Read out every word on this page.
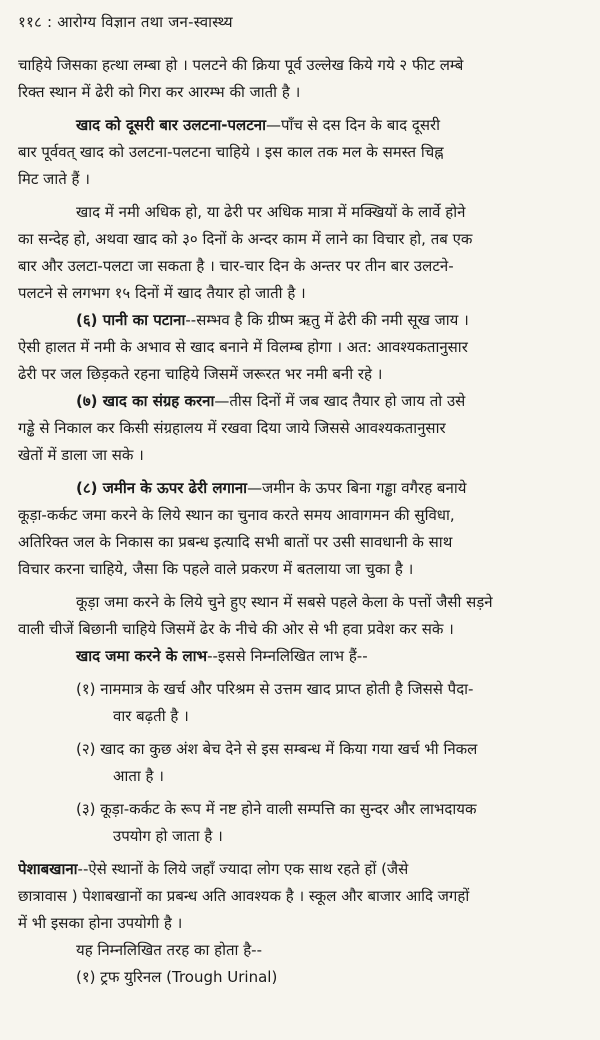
११८ : आरोग्य विज्ञान तथा जन-स्वास्थ्य
चाहिये जिसका हत्था लम्बा हो । पलटने की क्रिया पूर्व उल्लेख किये गये २ फीट लम्बे
रिक्त स्थान में ढेरी को गिरा कर आरम्भ की जाती है ।
खाद को दूसरी बार उलटना-पलटना—पाँच से दस दिन के बाद दूसरी
बार पूर्ववत् खाद को उलटना-पलटना चाहिये । इस काल तक मल के समस्त चिह्न
मिट जाते हैं ।
खाद में नमी अधिक हो, या ढेरी पर अधिक मात्रा में मक्खियों के लार्वे होने
का सन्देह हो, अथवा खाद को ३० दिनों के अन्दर काम में लाने का विचार हो, तब एक
बार और उलटा-पलटा जा सकता है । चार-चार दिन के अन्तर पर तीन बार उलटने-
पलटने से लगभग १५ दिनों में खाद तैयार हो जाती है ।
(६) पानी का पटाना--सम्भव है कि ग्रीष्म ऋतु में ढेरी की नमी सूख जाय ।
ऐसी हालत में नमी के अभाव से खाद बनाने में विलम्ब होगा । अत: आवश्यकतानुसार
ढेरी पर जल छिड़कते रहना चाहिये जिसमें जरूरत भर नमी बनी रहे ।
(७) खाद का संग्रह करना—तीस दिनों में जब खाद तैयार हो जाय तो उसे
गड्ढे से निकाल कर किसी संग्रहालय में रखवा दिया जाये जिससे आवश्यकतानुसार
खेतों में डाला जा सके ।
(८) जमीन के ऊपर ढेरी लगाना—जमीन के ऊपर बिना गड्ढा वगैरह बनाये
कूड़ा-कर्कट जमा करने के लिये स्थान का चुनाव करते समय आवागमन की सुविधा,
अतिरिक्त जल के निकास का प्रबन्ध इत्यादि सभी बातों पर उसी सावधानी के साथ
विचार करना चाहिये, जैसा कि पहले वाले प्रकरण में बतलाया जा चुका है ।
कूड़ा जमा करने के लिये चुने हुए स्थान में सबसे पहले केला के पत्तों जैसी सड़ने
वाली चीजें बिछानी चाहिये जिसमें ढेर के नीचे की ओर से भी हवा प्रवेश कर सके ।
खाद जमा करने के लाभ--इससे निम्नलिखित लाभ हैं--
(१) नाममात्र के खर्च और परिश्रम से उत्तम खाद प्राप्त होती है जिससे पैदा-
वार बढ़ती है ।
(२) खाद का कुछ अंश बेच देने से इस सम्बन्ध में किया गया खर्च भी निकल
आता है ।
(३) कूड़ा-कर्कट के रूप में नष्ट होने वाली सम्पत्ति का सुन्दर और लाभदायक
उपयोग हो जाता है ।
पेशाबखाना--ऐसे स्थानों के लिये जहाँ ज्यादा लोग एक साथ रहते हों (जैसे
छात्रावास ) पेशाबखानों का प्रबन्ध अति आवश्यक है । स्कूल और बाजार आदि जगहों
में भी इसका होना उपयोगी है ।
यह निम्नलिखित तरह का होता है--
(१) ट्रफ युरिनल (Trough Urinal)
